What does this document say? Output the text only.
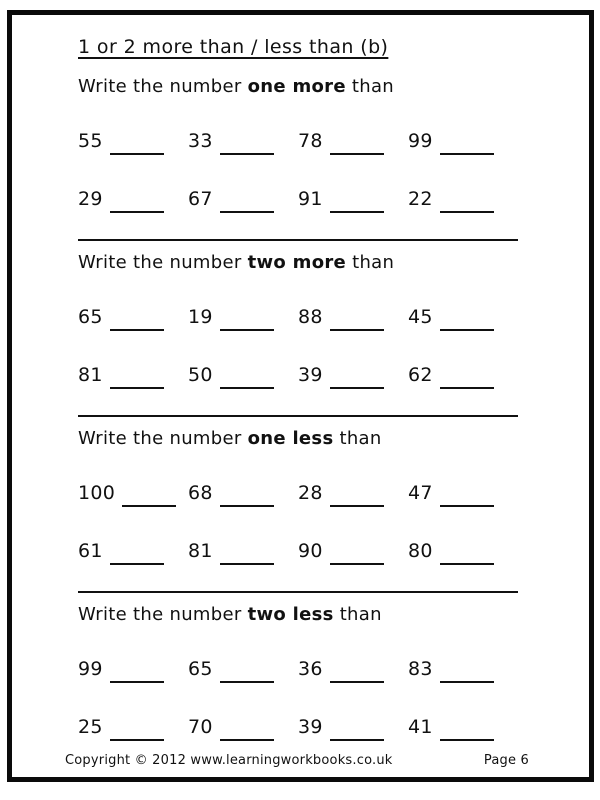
1 or 2 more than / less than (b)

Write the number one more than

55	33	78	99
29	67	91	22

Write the number two more than

65	19	88	45
81	50	39	62

Write the number one less than

100	68	28	47
61	81	90	80

Write the number two less than

99	65	36	83
25	70	39	41
Copyright © 2012 www.learningworkbooks.co.uk	Page 6
